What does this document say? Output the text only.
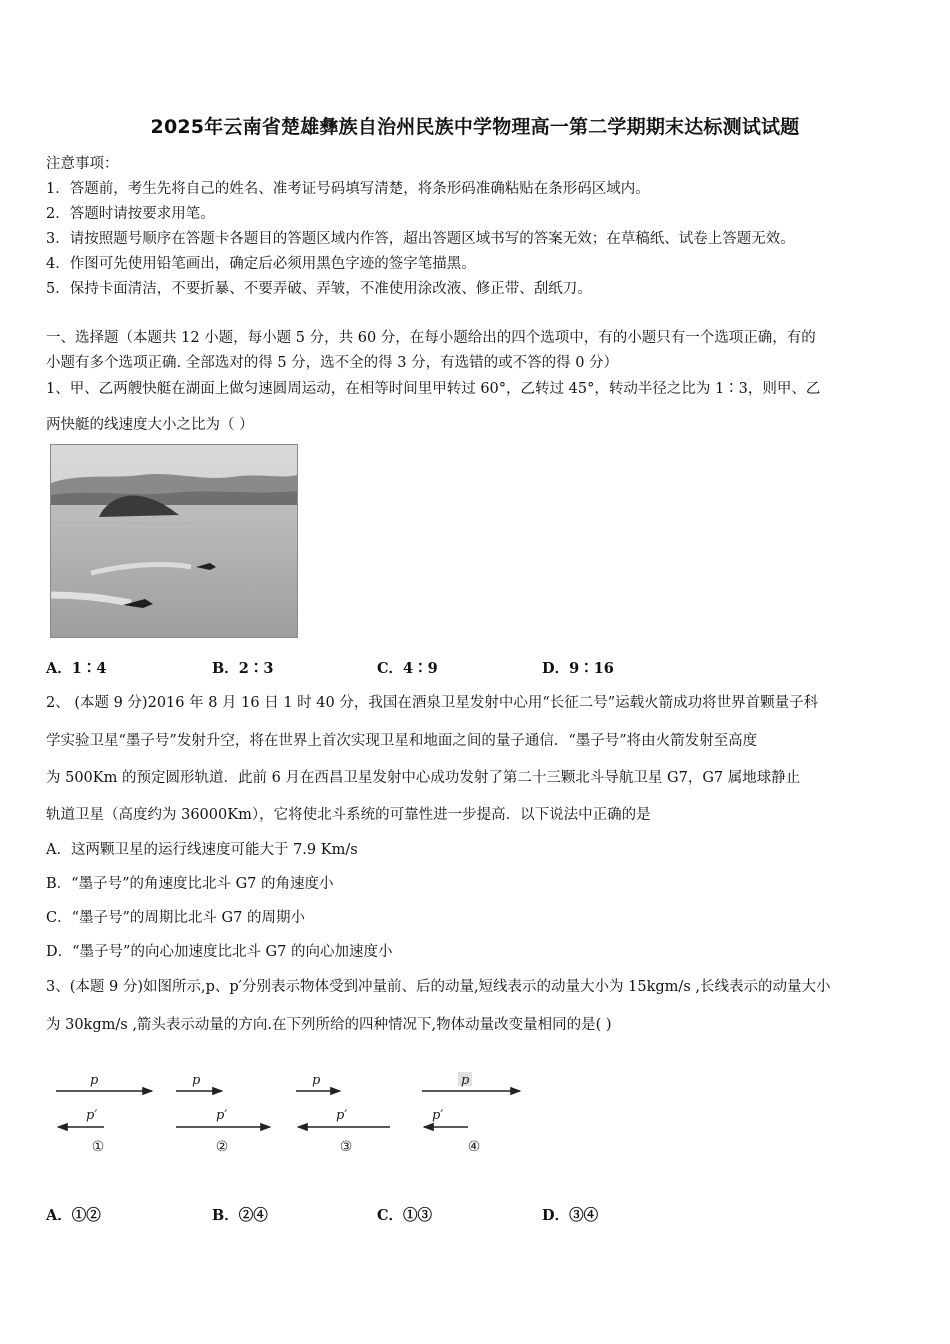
2025年云南省楚雄彝族自治州民族中学物理高一第二学期期末达标测试试题
注意事项：
1．答题前，考生先将自己的姓名、准考证号码填写清楚，将条形码准确粘贴在条形码区域内。
2．答题时请按要求用笔。
3．请按照题号顺序在答题卡各题目的答题区域内作答，超出答题区域书写的答案无效；在草稿纸、试卷上答题无效。
4．作图可先使用铅笔画出，确定后必须用黑色字迹的签字笔描黑。
5．保持卡面清洁，不要折暴、不要弄破、弄皱，不准使用涂改液、修正带、刮纸刀。
一、选择题（本题共 12 小题，每小题 5 分，共 60 分，在每小题给出的四个选项中，有的小题只有一个选项正确，有的
小题有多个选项正确. 全部选对的得 5 分，选不全的得 3 分，有选错的或不答的得 0 分）
1、甲、乙两艘快艇在湖面上做匀速圆周运动，在相等时间里甲转过 60°，乙转过 45°，转动半径之比为 1∶3，则甲、乙
两快艇的线速度大小之比为（ ）
A．1∶4	B．2∶3	C．4∶9	D．9∶16
2、 (本题 9 分)2016 年 8 月 16 日 1 时 40 分，我国在酒泉卫星发射中心用“长征二号”运载火箭成功将世界首颗量子科
学实验卫星“墨子号”发射升空，将在世界上首次实现卫星和地面之间的量子通信．“墨子号”将由火箭发射至高度
为 500Km 的预定圆形轨道．此前 6 月在西昌卫星发射中心成功发射了第二十三颗北斗导航卫星 G7，G7 属地球静止
轨道卫星（高度约为 36000Km），它将使北斗系统的可靠性进一步提高．以下说法中正确的是
A．这两颗卫星的运行线速度可能大于 7.9 Km/s
B．“墨子号”的角速度比北斗 G7 的角速度小
C．“墨子号”的周期比北斗 G7 的周期小
D．“墨子号”的向心加速度比北斗 G7 的向心加速度小
3、(本题 9 分)如图所示,p、p′分别表示物体受到冲量前、后的动量,短线表示的动量大小为 15kgm/s ,长线表示的动量大小
为 30kgm/s ,箭头表示动量的方向.在下列所给的四种情况下,物体动量改变量相同的是( )
p
p′
p
p′
p
p′
p
p′
①	②	③	④
A．①②	B．②④	C．①③	D．③④
